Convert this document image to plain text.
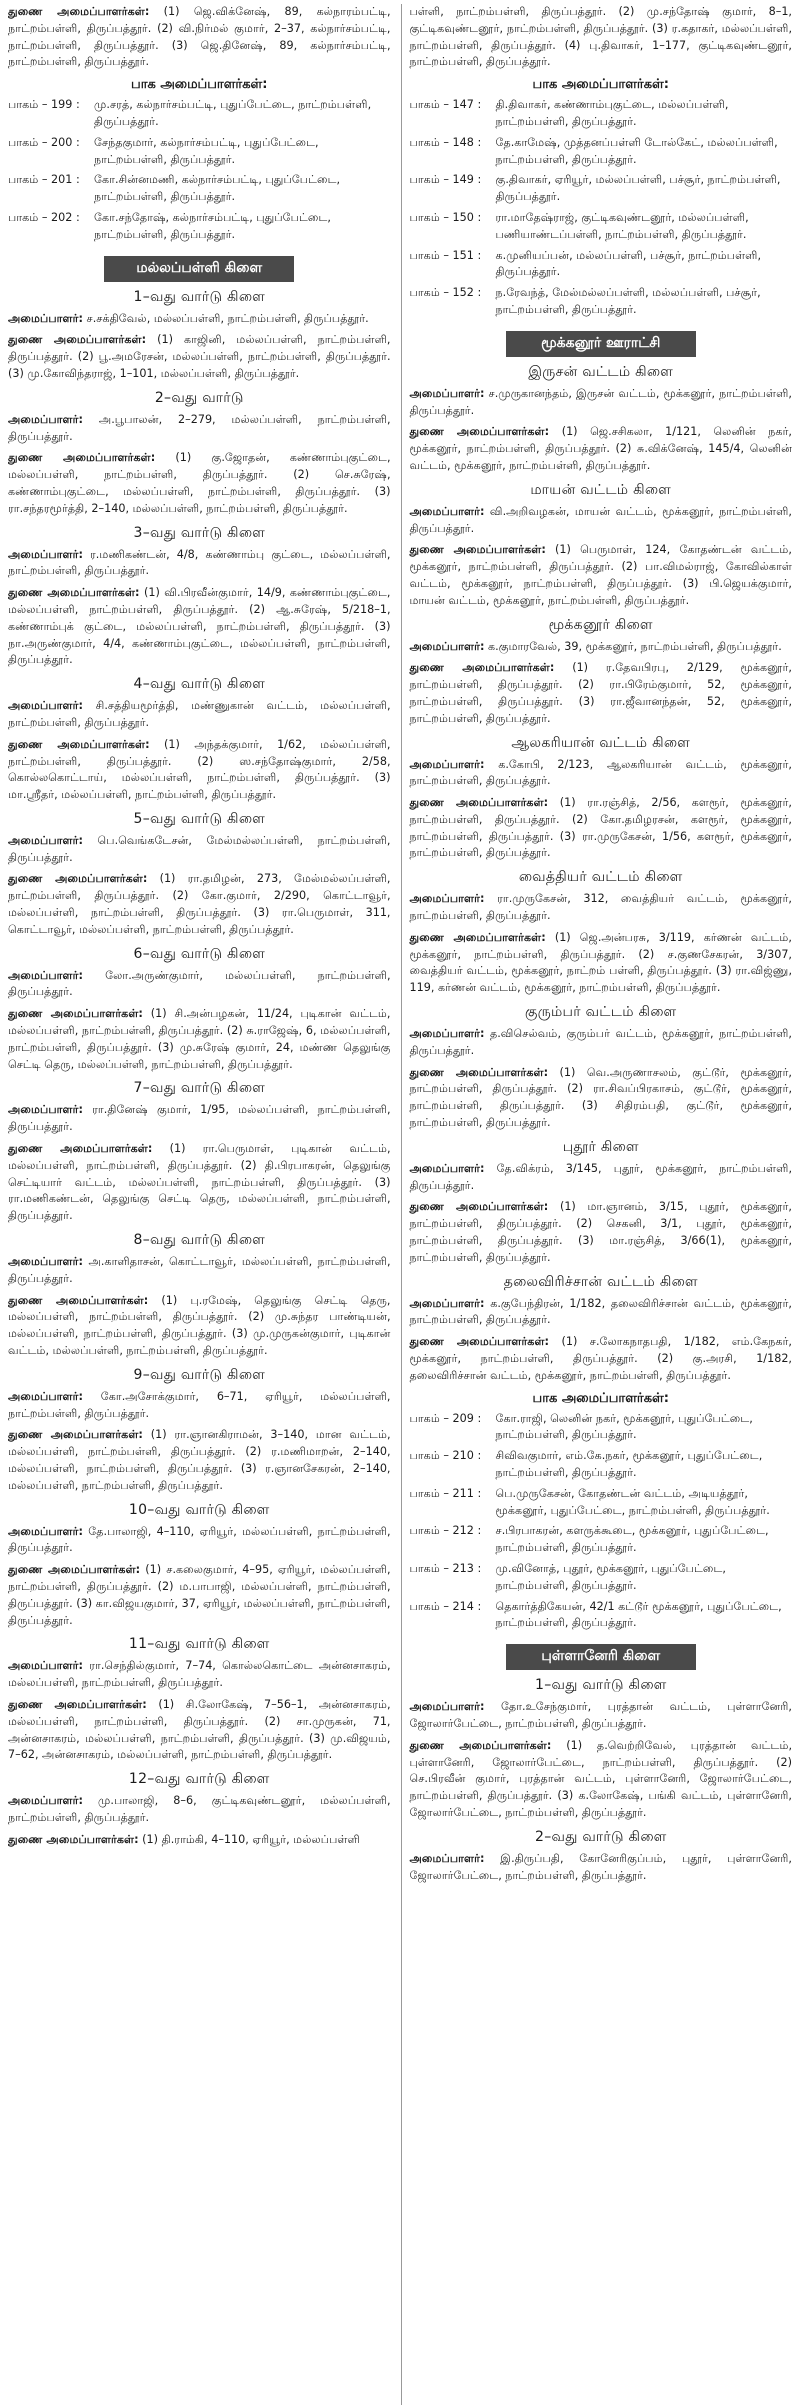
துணை அமைப்பாளர்கள்: (1) ஜெ.விக்னேஷ், 89, கல்நாரம்பட்டி, நாட்றம்பள்ளி, திருப்பத்தூர். (2) வி.நிர்மல் குமார், 2–37, கல்நார்சம்பட்டி, நாட்றம்பள்ளி, திருப்பத்தூர். (3) ஜெ.தினேஷ், 89, கல்நார்சம்பட்டி, நாட்றம்பள்ளி, திருப்பத்தூர்.

பாக அமைப்பாளர்கள்:
பாகம் – 199 :	மு.சரத், கல்நார்சம்பட்டி, புதுப்பேட்டை, நாட்றம்பள்ளி, திருப்பத்தூர்.
பாகம் – 200 :	சேந்தகுமார், கல்நார்சம்பட்டி, புதுப்பேட்டை, நாட்றம்பள்ளி, திருப்பத்தூர்.
பாகம் – 201 :	கோ.சின்னமணி, கல்நார்சம்பட்டி, புதுப்பேட்டை, நாட்றம்பள்ளி, திருப்பத்தூர்.
பாகம் – 202 :	கோ.சந்தோஷ், கல்நார்சம்பட்டி, புதுப்பேட்டை, நாட்றம்பள்ளி, திருப்பத்தூர்.
மல்லப்பள்ளி கிளை
1–வது வார்டு கிளை

அமைப்பாளர்: ச.சக்திவேல், மல்லப்பள்ளி, நாட்றம்பள்ளி, திருப்பத்தூர்.

துணை அமைப்பாளர்கள்: (1) காஜினி, மல்லப்பள்ளி, நாட்றம்பள்ளி, திருப்பத்தூர். (2) பூ.அமரேசன், மல்லப்பள்ளி, நாட்றம்பள்ளி, திருப்பத்தூர். (3) மு.கோவிந்தராஜ், 1–101, மல்லப்பள்ளி, திருப்பத்தூர்.

2–வது வார்டு

அமைப்பாளர்: அ.பூபாலன், 2–279, மல்லப்பள்ளி, நாட்றம்பள்ளி, திருப்பத்தூர்.

துணை அமைப்பாளர்கள்: (1) கு.ஜோதன், கண்ணாம்புகுட்டை, மல்லப்பள்ளி, நாட்றம்பள்ளி, திருப்பத்தூர். (2) செ.சுரேஷ், கண்ணாம்புகுட்டை, மல்லப்பள்ளி, நாட்றம்பள்ளி, திருப்பத்தூர். (3) ரா.சந்தரமூர்த்தி, 2–140, மல்லப்பள்ளி, நாட்றம்பள்ளி, திருப்பத்தூர்.

3–வது வார்டு கிளை

அமைப்பாளர்: ர.மணிகண்டன், 4/8, கண்ணாம்பு குட்டை, மல்லப்பள்ளி, நாட்றம்பள்ளி, திருப்பத்தூர்.

துணை அமைப்பாளர்கள்: (1) வி.பிரவீன்குமார், 14/9, கண்ணாம்புகுட்டை, மல்லப்பள்ளி, நாட்றம்பள்ளி, திருப்பத்தூர். (2) ஆ.சுரேஷ், 5/218–1, கண்ணாம்புக் குட்டை, மல்லப்பள்ளி, நாட்றம்பள்ளி, திருப்பத்தூர். (3) நா.அருண்குமார், 4/4, கண்ணாம்புகுட்டை, மல்லப்பள்ளி, நாட்றம்பள்ளி, திருப்பத்தூர்.

4–வது வார்டு கிளை

அமைப்பாளர்: சி.சத்தியமூர்த்தி, மண்ணுகான் வட்டம், மல்லப்பள்ளி, நாட்றம்பள்ளி, திருப்பத்தூர்.

துணை அமைப்பாளர்கள்: (1) அந்தக்குமார், 1/62, மல்லப்பள்ளி, நாட்றம்பள்ளி, திருப்பத்தூர். (2) ஸ.சந்தோஷ்குமார், 2/58, கொல்லகொட்டாய், மல்லப்பள்ளி, நாட்றம்பள்ளி, திருப்பத்தூர். (3) மா.ஸ்ரீதர், மல்லப்பள்ளி, நாட்றம்பள்ளி, திருப்பத்தூர்.

5–வது வார்டு கிளை

அமைப்பாளர்: பெ.வெங்கடேசன், மேல்மல்லப்பள்ளி, நாட்றம்பள்ளி, திருப்பத்தூர்.

துணை அமைப்பாளர்கள்: (1) ரா.தமிழன், 273, மேல்மல்லப்பள்ளி, நாட்றம்பள்ளி, திருப்பத்தூர். (2) கோ.குமார், 2/290, கொட்டாவூர், மல்லப்பள்ளி, நாட்றம்பள்ளி, திருப்பத்தூர். (3) ரா.பெருமாள், 311, கொட்டாவூர், மல்லப்பள்ளி, நாட்றம்பள்ளி, திருப்பத்தூர்.

6–வது வார்டு கிளை

அமைப்பாளர்: லோ.அருண்குமார், மல்லப்பள்ளி, நாட்றம்பள்ளி, திருப்பத்தூர்.

துணை அமைப்பாளர்கள்: (1) சி.அன்பழகன், 11/24, புடிகான் வட்டம், மல்லப்பள்ளி, நாட்றம்பள்ளி, திருப்பத்தூர். (2) சு.ராஜேஷ், 6, மல்லப்பள்ளி, நாட்றம்பள்ளி, திருப்பத்தூர். (3) மு.சுரேஷ் குமார், 24, மண்ண தெலுங்கு செட்டி தெரு, மல்லப்பள்ளி, நாட்றம்பள்ளி, திருப்பத்தூர்.

7–வது வார்டு கிளை

அமைப்பாளர்: ரா.தினேஷ் குமார், 1/95, மல்லப்பள்ளி, நாட்றம்பள்ளி, திருப்பத்தூர்.

துணை அமைப்பாளர்கள்: (1) ரா.பெருமாள், புடிகான் வட்டம், மல்லப்பள்ளி, நாட்றம்பள்ளி, திருப்பத்தூர். (2) தி.பிரபாகரன், தெலுங்கு செட்டியார் வட்டம், மல்லப்பள்ளி, நாட்றம்பள்ளி, திருப்பத்தூர். (3) ரா.மணிகண்டன், தெலுங்கு செட்டி தெரு, மல்லப்பள்ளி, நாட்றம்பள்ளி, திருப்பத்தூர்.

8–வது வார்டு கிளை

அமைப்பாளர்: அ.காளிதாசன், கொட்டாவூர், மல்லப்பள்ளி, நாட்றம்பள்ளி, திருப்பத்தூர்.

துணை அமைப்பாளர்கள்: (1) பு.ரமேஷ், தெலுங்கு செட்டி தெரு, மல்லப்பள்ளி, நாட்றம்பள்ளி, திருப்பத்தூர். (2) மு.சுந்தர பாண்டியன், மல்லப்பள்ளி, நாட்றம்பள்ளி, திருப்பத்தூர். (3) மு.முருகன்குமார், புடிகான் வட்டம், மல்லப்பள்ளி, நாட்றம்பள்ளி, திருப்பத்தூர்.

9–வது வார்டு கிளை

அமைப்பாளர்: கோ.அசோக்குமார், 6–71, ஏரியூர், மல்லப்பள்ளி, நாட்றம்பள்ளி, திருப்பத்தூர்.

துணை அமைப்பாளர்கள்: (1) ரா.ஞானகிராமன், 3–140, மான வட்டம், மல்லப்பள்ளி, நாட்றம்பள்ளி, திருப்பத்தூர். (2) ர.மணிமாறன், 2–140, மல்லப்பள்ளி, நாட்றம்பள்ளி, திருப்பத்தூர். (3) ர.ஞானசேகரன், 2–140, மல்லப்பள்ளி, நாட்றம்பள்ளி, திருப்பத்தூர்.

10–வது வார்டு கிளை

அமைப்பாளர்: தே.பாலாஜி, 4–110, ஏரியூர், மல்லப்பள்ளி, நாட்றம்பள்ளி, திருப்பத்தூர்.

துணை அமைப்பாளர்கள்: (1) ச.கலைகுமார், 4–95, ஏரியூர், மல்லப்பள்ளி, நாட்றம்பள்ளி, திருப்பத்தூர். (2) ம.பாபாஜி, மல்லப்பள்ளி, நாட்றம்பள்ளி, திருப்பத்தூர். (3) கா.விஜயகுமார், 37, ஏரியூர், மல்லப்பள்ளி, நாட்றம்பள்ளி, திருப்பத்தூர்.

11–வது வார்டு கிளை

அமைப்பாளர்: ரா.செந்தில்குமார், 7–74, கொல்லகொட்டை அன்னசாகரம், மல்லப்பள்ளி, நாட்றம்பள்ளி, திருப்பத்தூர்.

துணை அமைப்பாளர்கள்: (1) சி.லோகேஷ், 7–56–1, அன்னசாகரம், மல்லப்பள்ளி, நாட்றம்பள்ளி, திருப்பத்தூர். (2) சா.முருகன், 71, அன்னசாகரம், மல்லப்பள்ளி, நாட்றம்பள்ளி, திருப்பத்தூர். (3) மு.விஜயம், 7–62, அன்னசாகரம், மல்லப்பள்ளி, நாட்றம்பள்ளி, திருப்பத்தூர்.

12–வது வார்டு கிளை

அமைப்பாளர்: மு.பாலாஜி, 8–6, குட்டிகவுண்டனூர், மல்லப்பள்ளி, நாட்றம்பள்ளி, திருப்பத்தூர்.

துணை அமைப்பாளர்கள்: (1) தி.ராம்கி, 4–110, ஏரியூர், மல்லப்பள்ளி

பள்ளி, நாட்றம்பள்ளி, திருப்பத்தூர். (2) மு.சந்தோஷ் குமார், 8–1, குட்டிகவுண்டனூர், நாட்றம்பள்ளி, திருப்பத்தூர். (3) ர.கதாகர், மல்லப்பள்ளி, நாட்றம்பள்ளி, திருப்பத்தூர். (4) பு.திவாகர், 1–177, குட்டிகவுண்டனூர், நாட்றம்பள்ளி, திருப்பத்தூர்.

பாக அமைப்பாளர்கள்:
பாகம் – 147 :	தி.திவாகர், கண்ணாம்புகுட்டை, மல்லப்பள்ளி, நாட்றம்பள்ளி, திருப்பத்தூர்.
பாகம் – 148 :	தே.காமேஷ், முத்தனப்பள்ளி டோல்கேட், மல்லப்பள்ளி, நாட்றம்பள்ளி, திருப்பத்தூர்.
பாகம் – 149 :	கு.திவாகர், ஏரியூர், மல்லப்பள்ளி, பச்சூர், நாட்றம்பள்ளி, திருப்பத்தூர்.
பாகம் – 150 :	ரா.மாதேஷ்ராஜ், குட்டிகவுண்டனூர், மல்லப்பள்ளி, பணியாண்டப்பள்ளி, நாட்றம்பள்ளி, திருப்பத்தூர்.
பாகம் – 151 :	க.முனியப்பன், மல்லப்பள்ளி, பச்சூர், நாட்றம்பள்ளி, திருப்பத்தூர்.
பாகம் – 152 :	ந.ரேவந்த், மேல்மல்லப்பள்ளி, மல்லப்பள்ளி, பச்சூர், நாட்றம்பள்ளி, திருப்பத்தூர்.
மூக்கனூர் ஊராட்சி
இருசன் வட்டம் கிளை

அமைப்பாளர்: ச.முருகானந்தம், இருசன் வட்டம், மூக்கனூர், நாட்றம்பள்ளி, திருப்பத்தூர்.

துணை அமைப்பாளர்கள்: (1) ஜெ.சசிகலா, 1/121, லெனின் நகர், மூக்கனூர், நாட்றம்பள்ளி, திருப்பத்தூர். (2) சு.விக்னேஷ், 145/4, லெனின் வட்டம், மூக்கனூர், நாட்றம்பள்ளி, திருப்பத்தூர்.

மாயன் வட்டம் கிளை

அமைப்பாளர்: வி.அறிவழகன், மாயன் வட்டம், மூக்கனூர், நாட்றம்பள்ளி, திருப்பத்தூர்.

துணை அமைப்பாளர்கள்: (1) பெருமாள், 124, கோதண்டன் வட்டம், மூக்கனூர், நாட்றம்பள்ளி, திருப்பத்தூர். (2) பா.விமல்ராஜ், கோவில்காள் வட்டம், மூக்கனூர், நாட்றம்பள்ளி, திருப்பத்தூர். (3) பி.ஜெயக்குமார், மாயன் வட்டம், மூக்கனூர், நாட்றம்பள்ளி, திருப்பத்தூர்.

மூக்கனூர் கிளை

அமைப்பாளர்: க.குமாரவேல், 39, மூக்கனூர், நாட்றம்பள்ளி, திருப்பத்தூர்.

துணை அமைப்பாளர்கள்: (1) ர.தேவபிரபு, 2/129, மூக்கனூர், நாட்றம்பள்ளி, திருப்பத்தூர். (2) ரா.பிரேம்குமார், 52, மூக்கனூர், நாட்றம்பள்ளி, திருப்பத்தூர். (3) ரா.ஜீவானந்தன், 52, மூக்கனூர், நாட்றம்பள்ளி, திருப்பத்தூர்.

ஆலகரியான் வட்டம் கிளை

அமைப்பாளர்: க.கோபி, 2/123, ஆலகரியான் வட்டம், மூக்கனூர், நாட்றம்பள்ளி, திருப்பத்தூர்.

துணை அமைப்பாளர்கள்: (1) ரா.ரஞ்சித், 2/56, களரூர், மூக்கனூர், நாட்றம்பள்ளி, திருப்பத்தூர். (2) கோ.தமிழரசன், களரூர், மூக்கனூர், நாட்றம்பள்ளி, திருப்பத்தூர். (3) ரா.முருகேசன், 1/56, களரூர், மூக்கனூர், நாட்றம்பள்ளி, திருப்பத்தூர்.

வைத்தியர் வட்டம் கிளை

அமைப்பாளர்: ரா.முருகேசன், 312, வைத்தியர் வட்டம், மூக்கனூர், நாட்றம்பள்ளி, திருப்பத்தூர்.

துணை அமைப்பாளர்கள்: (1) ஜெ.அன்பரசு, 3/119, கர்ணன் வட்டம், மூக்கனூர், நாட்றம்பள்ளி, திருப்பத்தூர். (2) ச.குணசேகரன், 3/307, வைத்தியர் வட்டம், மூக்கனூர், நாட்றம் பள்ளி, திருப்பத்தூர். (3) ரா.விஜ்ணு, 119, கர்ணன் வட்டம், மூக்கனூர், நாட்றம்பள்ளி, திருப்பத்தூர்.

குரும்பர் வட்டம் கிளை

அமைப்பாளர்: த.விசெல்வம், குரும்பர் வட்டம், மூக்கனூர், நாட்றம்பள்ளி, திருப்பத்தூர்.

துணை அமைப்பாளர்கள்: (1) வெ.அருணாசலம், குட்டூர், மூக்கனூர், நாட்றம்பள்ளி, திருப்பத்தூர். (2) ரா.சிவப்பிரகாசம், குட்டூர், மூக்கனூர், நாட்றம்பள்ளி, திருப்பத்தூர். (3) சிதிரம்பதி, குட்டூர், மூக்கனூர், நாட்றம்பள்ளி, திருப்பத்தூர்.

புதூர் கிளை

அமைப்பாளர்: தே.விக்ரம், 3/145, புதூர், மூக்கனூர், நாட்றம்பள்ளி, திருப்பத்தூர்.

துணை அமைப்பாளர்கள்: (1) மா.ஞானம், 3/15, புதூர், மூக்கனூர், நாட்றம்பள்ளி, திருப்பத்தூர். (2) செகனி, 3/1, புதூர், மூக்கனூர், நாட்றம்பள்ளி, திருப்பத்தூர். (3) மா.ரஞ்சித், 3/66(1), மூக்கனூர், நாட்றம்பள்ளி, திருப்பத்தூர்.

தலைவிரிச்சான் வட்டம் கிளை

அமைப்பாளர்: க.குபேந்திரன், 1/182, தலைவிரிச்சான் வட்டம், மூக்கனூர், நாட்றம்பள்ளி, திருப்பத்தூர்.

துணை அமைப்பாளர்கள்: (1) ச.லோகநாதபதி, 1/182, எம்.கேநகர், மூக்கனூர், நாட்றம்பள்ளி, திருப்பத்தூர். (2) கு.அரசி, 1/182, தலைவிரிச்சான் வட்டம், மூக்கனூர், நாட்றம்பள்ளி, திருப்பத்தூர்.

பாக அமைப்பாளர்கள்:
பாகம் – 209 :	கோ.ராஜி, லெனின் நகர், மூக்கனூர், புதுப்பேட்டை, நாட்றம்பள்ளி, திருப்பத்தூர்.
பாகம் – 210 :	சிவிவகுமார், எம்.கே.நகர், மூக்கனூர், புதுப்பேட்டை, நாட்றம்பள்ளி, திருப்பத்தூர்.
பாகம் – 211 :	பெ.முருகேசன், கோதண்டன் வட்டம், அடியத்தூர், மூக்கனூர், புதுப்பேட்டை, நாட்றம்பள்ளி, திருப்பத்தூர்.
பாகம் – 212 :	ச.பிரபாகரன், களருக்கூடை, மூக்கனூர், புதுப்பேட்டை, நாட்றம்பள்ளி, திருப்பத்தூர்.
பாகம் – 213 :	மு.வினோத், புதூர், மூக்கனூர், புதுப்பேட்டை, நாட்றம்பள்ளி, திருப்பத்தூர்.
பாகம் – 214 :	தெகார்த்திகேயன், 42/1 கட்டூர் மூக்கனூர், புதுப்பேட்டை, நாட்றம்பள்ளி, திருப்பத்தூர்.
புள்ளானேரி கிளை
1–வது வார்டு கிளை

அமைப்பாளர்: தோ.உசேந்குமார், புரத்தான் வட்டம், புள்ளானேரி, ஜோலார்பேட்டை, நாட்றம்பள்ளி, திருப்பத்தூர்.

துணை அமைப்பாளர்கள்: (1) த.வெற்றிவேல், புரத்தான் வட்டம், புள்ளானேரி, ஜோலார்பேட்டை, நாட்றம்பள்ளி, திருப்பத்தூர். (2) செ.பிரவீன் குமார், புரத்தான் வட்டம், புள்ளானேரி, ஜோலார்பேட்டை, நாட்றம்பள்ளி, திருப்பத்தூர். (3) க.லோகேஷ், பங்கி வட்டம், புள்ளானேரி, ஜோலார்பேட்டை, நாட்றம்பள்ளி, திருப்பத்தூர்.

2–வது வார்டு கிளை

அமைப்பாளர்: இ.திருப்பதி, கோனேரிகுப்பம், புதூர், புள்ளானேரி, ஜோலார்பேட்டை, நாட்றம்பள்ளி, திருப்பத்தூர்.
